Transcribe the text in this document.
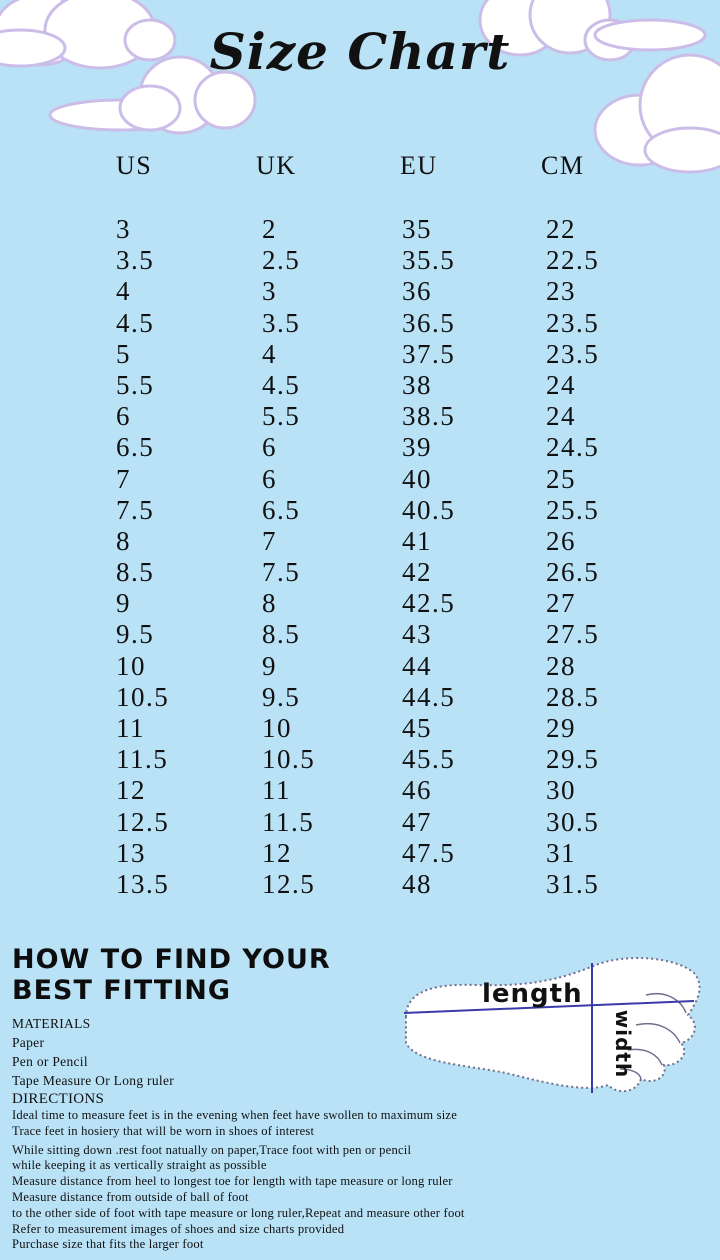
Size Chart
US	UK	EU	CM
3	2	35	22
3.5	2.5	35.5	22.5
4	3	36	23
4.5	3.5	36.5	23.5
5	4	37.5	23.5
5.5	4.5	38	24
6	5.5	38.5	24
6.5	6	39	24.5
7	6	40	25
7.5	6.5	40.5	25.5
8	7	41	26
8.5	7.5	42	26.5
9	8	42.5	27
9.5	8.5	43	27.5
10	9	44	28
10.5	9.5	44.5	28.5
11	10	45	29
11.5	10.5	45.5	29.5
12	11	46	30
12.5	11.5	47	30.5
13	12	47.5	31
13.5	12.5	48	31.5
HOW TO FIND YOUR
BEST FITTING
MATERIALS
Paper
Pen or Pencil
Tape Measure Or Long ruler
DIRECTIONS
Ideal time to measure feet is in the evening when feet have swollen to maximum size
Trace feet in hosiery that will be worn in shoes of interest
While sitting down .rest foot natually on paper,Trace foot with pen or pencil
while keeping it as vertically straight as possible
Measure distance from heel to longest toe for length with tape measure or long ruler
Measure distance from outside of ball of foot
to the other side of foot with tape measure or long ruler,Repeat and measure other foot
Refer to measurement images of shoes and size charts provided
Purchase size that fits the larger foot
length
width
